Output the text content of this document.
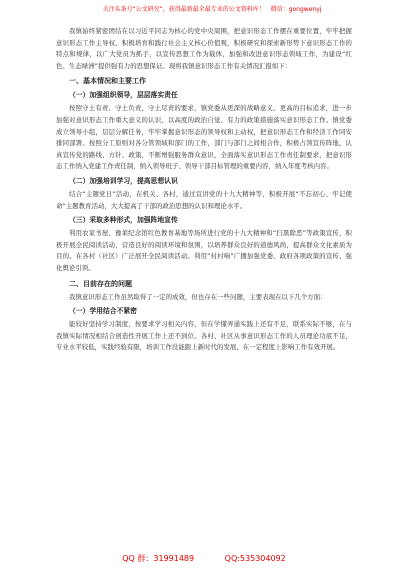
关注头条号“公文研究”，获得最新最全最专业的公文资料库！ 微信：gongwenyj

我镇始终紧密团结在以习近平同志为核心的党中央周围，把意识形态工作摆在重要位置，牢牢把握意识形态工作主导权，积极培育和践行社会主义核心价值观，积极研究和探索新形势下意识形态工作的特点和规律，以广大党员为抓手，以宣传思想工作为载体，加强和改进意识形态领域工作，为建设“红色、生态绿洲”提供强有力的思想保证。现将我镇意识形态工作有关情况汇报如下：

一、基本情况和主要工作
（一）加强组织领导，层层落实责任

按照守土有责、守土负责、守土尽责的要求，镇党委从更深的战略意义、更高的目标追求，进一步加强对意识形态工作重大意义的认识，以高度的政治自觉、有力的政策措施落实意识形态工作。镇党委成立领导小组，层层分解任务，牢牢掌握意识形态的领导权和主动权，把意识形态工作和经济工作同安排同部署。按照分工原则对各分管领域和部门的工作，部门与部门之间相合作，积极占领宣传阵地，认真宣传党的路线、方针、政策，不断增强服务群众意识，全面落实意识形态工作责任制要求，把意识形态工作纳入党建工作责任制，纳入领导班子、领导干部目标管理的重要内容，纳入年度考核内容。

（二）加强培训学习，提高思想认识

结合“主题党日”活动，在机关、各村，通过宣讲党的十九大精神等，积极开展“不忘初心、牢记使命”主题教育活动，大大提高了干部的政治思想的认识和理论水平。

（三）采取多种形式，加强阵地宣传

利用农家书屋、豫莱纪念馆红色教育基地等场所进行党的十九大精神和“扫黑除恶”等政策宣传，积极开展全民阅读活动，营造良好的阅读环境和氛围，以培养群众良好的道德风尚，提高群众文化素质为目的。在各村（社区）广泛展开全民阅读活动。利用“村村响”广播加强党委、政府各项政策的宣传、强化舆论引领。

二、目前存在的问题

我镇意识形态工作虽然取得了一定的成效，但也存在一些问题，主要表现在以下几个方面：

（一）学用结合不紧密

能较好坚持学习制度，按要求学习相关内容，但在学懂弄通实践上还有不足，联系实际不够，在与我镇实际情况相结合创造性开展工作上还不到位。各村、社区从事意识形态工作的人员理论功底不足，专业水平较低，实践经验有限，培训工作没能跟上新时代的发展，在一定程度上影响工作有效开展。

QQ 群：31991489	QQ:535304092
